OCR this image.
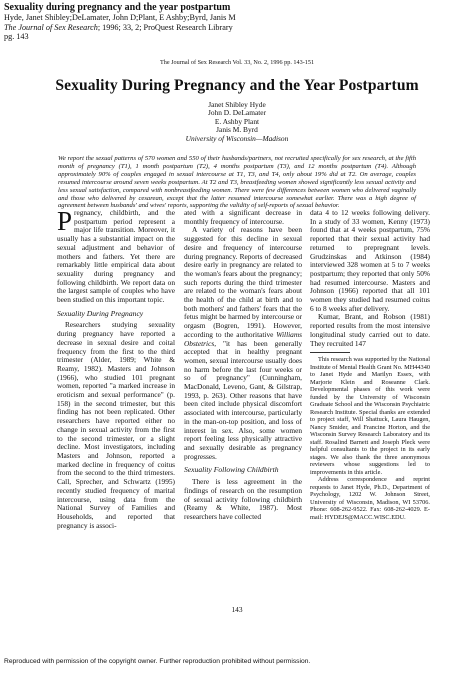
Sexuality during pregnancy and the year postpartum
Hyde, Janet Shibley;DeLamater, John D;Plant, E Ashby;Byrd, Janis M
The Journal of Sex Research; 1996; 33, 2; ProQuest Research Library
pg. 143
The Journal of Sex Research Vol. 33, No. 2, 1996 pp. 143-151
Sexuality During Pregnancy and the Year Postpartum
Janet Shibley Hyde
John D. DeLamater
E. Ashby Plant
Janis M. Byrd
University of Wisconsin—Madison
We report the sexual patterns of 570 women and 550 of their husbands/partners, not recruited specifically for sex research, at the fifth month of pregnancy (T1), 1 month postpartum (T2), 4 months postpartum (T3), and 12 months postpartum (T4). Although approximately 90% of couples engaged in sexual intercourse at T1, T3, and T4, only about 19% did at T2. On average, couples resumed intercourse around seven weeks postpartum. At T2 and T3, breastfeeding women showed significantly less sexual activity and less sexual satisfaction, compared with nonbreastfeeding women. There were few differences between women who delivered vaginally and those who delivered by cesarean, except that the latter resumed intercourse somewhat earlier. There was a high degree of agreement between husbands' and wives' reports, supporting the validity of self-reports of sexual behavior.

Pregnancy, childbirth, and the postpartum period represent a major life transition. Moreover, it usually has a substantial impact on the sexual adjustment and behavior of mothers and fathers. Yet there are remarkably little empirical data about sexuality during pregnancy and following childbirth. We report data on the largest sample of couples who have been studied on this important topic.

Sexuality During Pregnancy

Researchers studying sexuality during pregnancy have reported a decrease in sexual desire and coital frequency from the first to the third trimester (Alder, 1989; White & Reamy, 1982). Masters and Johnson (1966), who studied 101 pregnant women, reported "a marked increase in eroticism and sexual performance" (p. 158) in the second trimester, but this finding has not been replicated. Other researchers have reported either no change in sexual activity from the first to the second trimester, or a slight decline. Most investigators, including Masters and Johnson, reported a marked decline in frequency of coitus from the second to the third trimesters. Call, Sprecher, and Schwartz (1995) recently studied frequency of marital intercourse, using data from the National Survey of Families and Households, and reported that pregnancy is associ-

ated with a significant decrease in monthly frequency of intercourse.

A variety of reasons have been suggested for this decline in sexual desire and frequency of intercourse during pregnancy. Reports of decreased desire early in pregnancy are related to the woman's fears about the pregnancy; such reports during the third trimester are related to the woman's fears about the health of the child at birth and to both mothers' and fathers' fears that the fetus might be harmed by intercourse or orgasm (Bogren, 1991). However, according to the authoritative Williams Obstetrics, "it has been generally accepted that in healthy pregnant women, sexual intercourse usually does no harm before the last four weeks or so of pregnancy" (Cunningham, MacDonald, Leveno, Gant, & Gilstrap, 1993, p. 263). Other reasons that have been cited include physical discomfort associated with intercourse, particularly in the man-on-top position, and loss of interest in sex. Also, some women report feeling less physically attractive and sexually desirable as pregnancy progresses.

Sexuality Following Childbirth

There is less agreement in the findings of research on the resumption of sexual activity following childbirth (Reamy & White, 1987). Most researchers have collected

data 4 to 12 weeks following delivery. In a study of 33 women, Kenny (1973) found that at 4 weeks postpartum, 75% reported that their sexual activity had returned to prepregnant levels. Grudzinskas and Atkinson (1984) interviewed 328 women at 5 to 7 weeks postpartum; they reported that only 50% had resumed intercourse. Masters and Johnson (1966) reported that all 101 women they studied had resumed coitus 6 to 8 weeks after delivery.

Kumar, Brant, and Robson (1981) reported results from the most intensive longitudinal study carried out to date. They recruited 147

This research was supported by the National Institute of Mental Health Grant No. MH44340 to Janet Hyde and Marilyn Essex, with Marjorie Klein and Roseanne Clark. Developmental phases of this work were funded by the University of Wisconsin Graduate School and the Wisconsin Psychiatric Research Institute. Special thanks are extended to project staff, Will Shattuck, Laura Haugen, Nancy Smider, and Francine Horton, and the Wisconsin Survey Research Laboratory and its staff. Rosalind Barnett and Joseph Pleck were helpful consultants to the project in its early stages. We also thank the three anonymous reviewers whose suggestions led to improvements in this article.

Address correspondence and reprint requests to Janet Hyde, Ph.D., Department of Psychology, 1202 W. Johnson Street, University of Wisconsin, Madison, WI 53706. Phone: 608-262-9522. Fax: 608-262-4029. E-mail: HYDEJS@MACC.WISC.EDU.

143
Reproduced with permission of the copyright owner. Further reproduction prohibited without permission.
